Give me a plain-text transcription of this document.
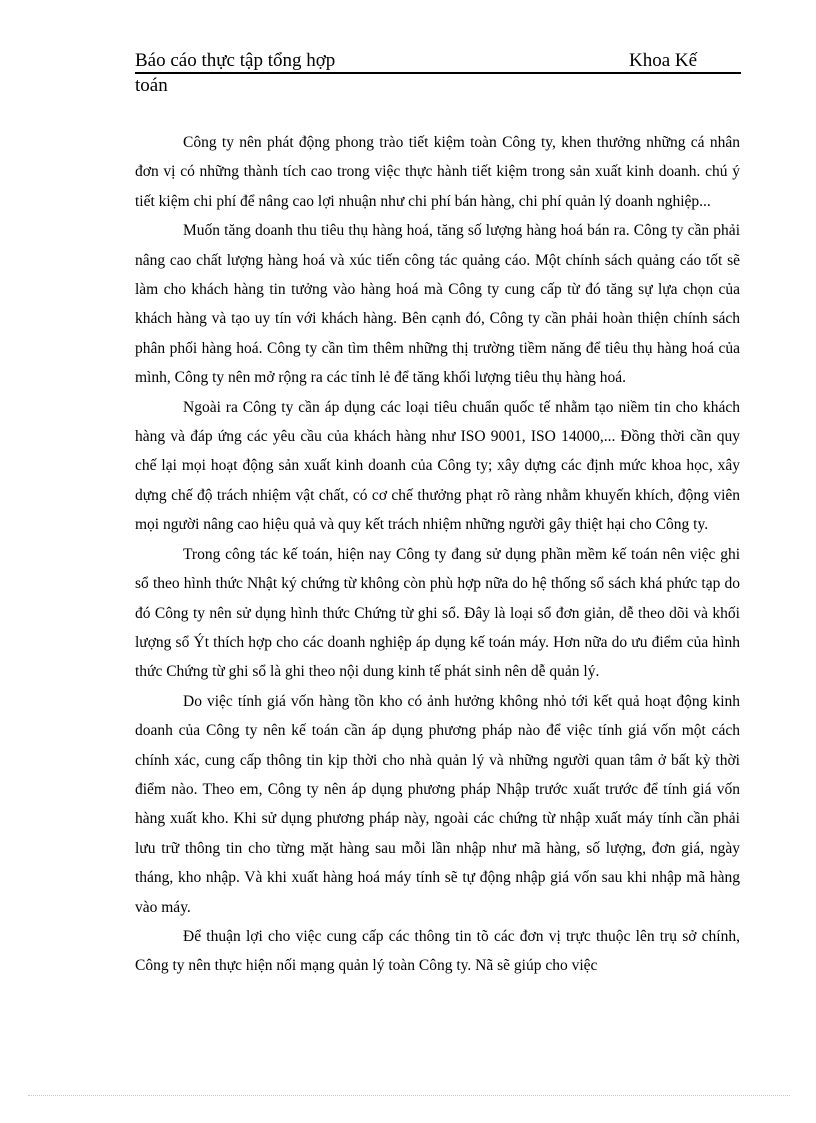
Báo cáo thực tập tổng hợp	Khoa Kế
toán

Công ty nên phát động phong trào tiết kiệm toàn Công ty, khen thưởng những cá nhân đơn vị có những thành tích cao trong việc thực hành tiết kiệm trong sản xuất kinh doanh. chú ý tiết kiệm chi phí để nâng cao lợi nhuận như chi phí bán hàng, chi phí quản lý doanh nghiệp...

Muốn tăng doanh thu tiêu thụ hàng hoá, tăng số lượng hàng hoá bán ra. Công ty cần phải nâng cao chất lượng hàng hoá và xúc tiến công tác quảng cáo. Một chính sách quảng cáo tốt sẽ làm cho khách hàng tin tưởng vào hàng hoá mà Công ty cung cấp từ đó tăng sự lựa chọn của khách hàng và tạo uy tín với khách hàng. Bên cạnh đó, Công ty cần phải hoàn thiện chính sách phân phối hàng hoá. Công ty cần tìm thêm những thị trường tiềm năng để tiêu thụ hàng hoá của mình, Công ty nên mở rộng ra các tỉnh lẻ để tăng khối lượng tiêu thụ hàng hoá.

Ngoài ra Công ty cần áp dụng các loại tiêu chuẩn quốc tế nhằm tạo niềm tin cho khách hàng và đáp ứng các yêu cầu của khách hàng như ISO 9001, ISO 14000,... Đồng thời cần quy chế lại mọi hoạt động sản xuất kinh doanh của Công ty; xây dựng các định mức khoa học, xây dựng chế độ trách nhiệm vật chất, có cơ chế thưởng phạt rõ ràng nhằm khuyến khích, động viên mọi người nâng cao hiệu quả và quy kết trách nhiệm những người gây thiệt hại cho Công ty.

Trong công tác kế toán, hiện nay Công ty đang sử dụng phần mềm kế toán nên việc ghi sổ theo hình thức Nhật ký chứng từ không còn phù hợp nữa do hệ thống sổ sách khá phức tạp do đó Công ty nên sử dụng hình thức Chứng từ ghi sổ. Đây là loại sổ đơn giản, dễ theo dõi và khối lượng sổ Ýt thích hợp cho các doanh nghiệp áp dụng kế toán máy. Hơn nữa do ưu điểm của hình thức Chứng từ ghi sổ là ghi theo nội dung kinh tế phát sinh nên dễ quản lý.

Do việc tính giá vốn hàng tồn kho có ảnh hưởng không nhỏ tới kết quả hoạt động kinh doanh của Công ty nên kế toán cần áp dụng phương pháp nào để việc tính giá vốn một cách chính xác, cung cấp thông tin kịp thời cho nhà quản lý và những người quan tâm ở bất kỳ thời điểm nào. Theo em, Công ty nên áp dụng phương pháp Nhập trước xuất trước để tính giá vốn hàng xuất kho. Khi sử dụng phương pháp này, ngoài các chứng từ nhập xuất máy tính cần phải lưu trữ thông tin cho từng mặt hàng sau mỗi lần nhập như mã hàng, số lượng, đơn giá, ngày tháng, kho nhập. Và khi xuất hàng hoá máy tính sẽ tự động nhập giá vốn sau khi nhập mã hàng vào máy.

Để thuận lợi cho việc cung cấp các thông tin tõ các đơn vị trực thuộc lên trụ sở chính, Công ty nên thực hiện nối mạng quản lý toàn Công ty. Nã sẽ giúp cho việc
